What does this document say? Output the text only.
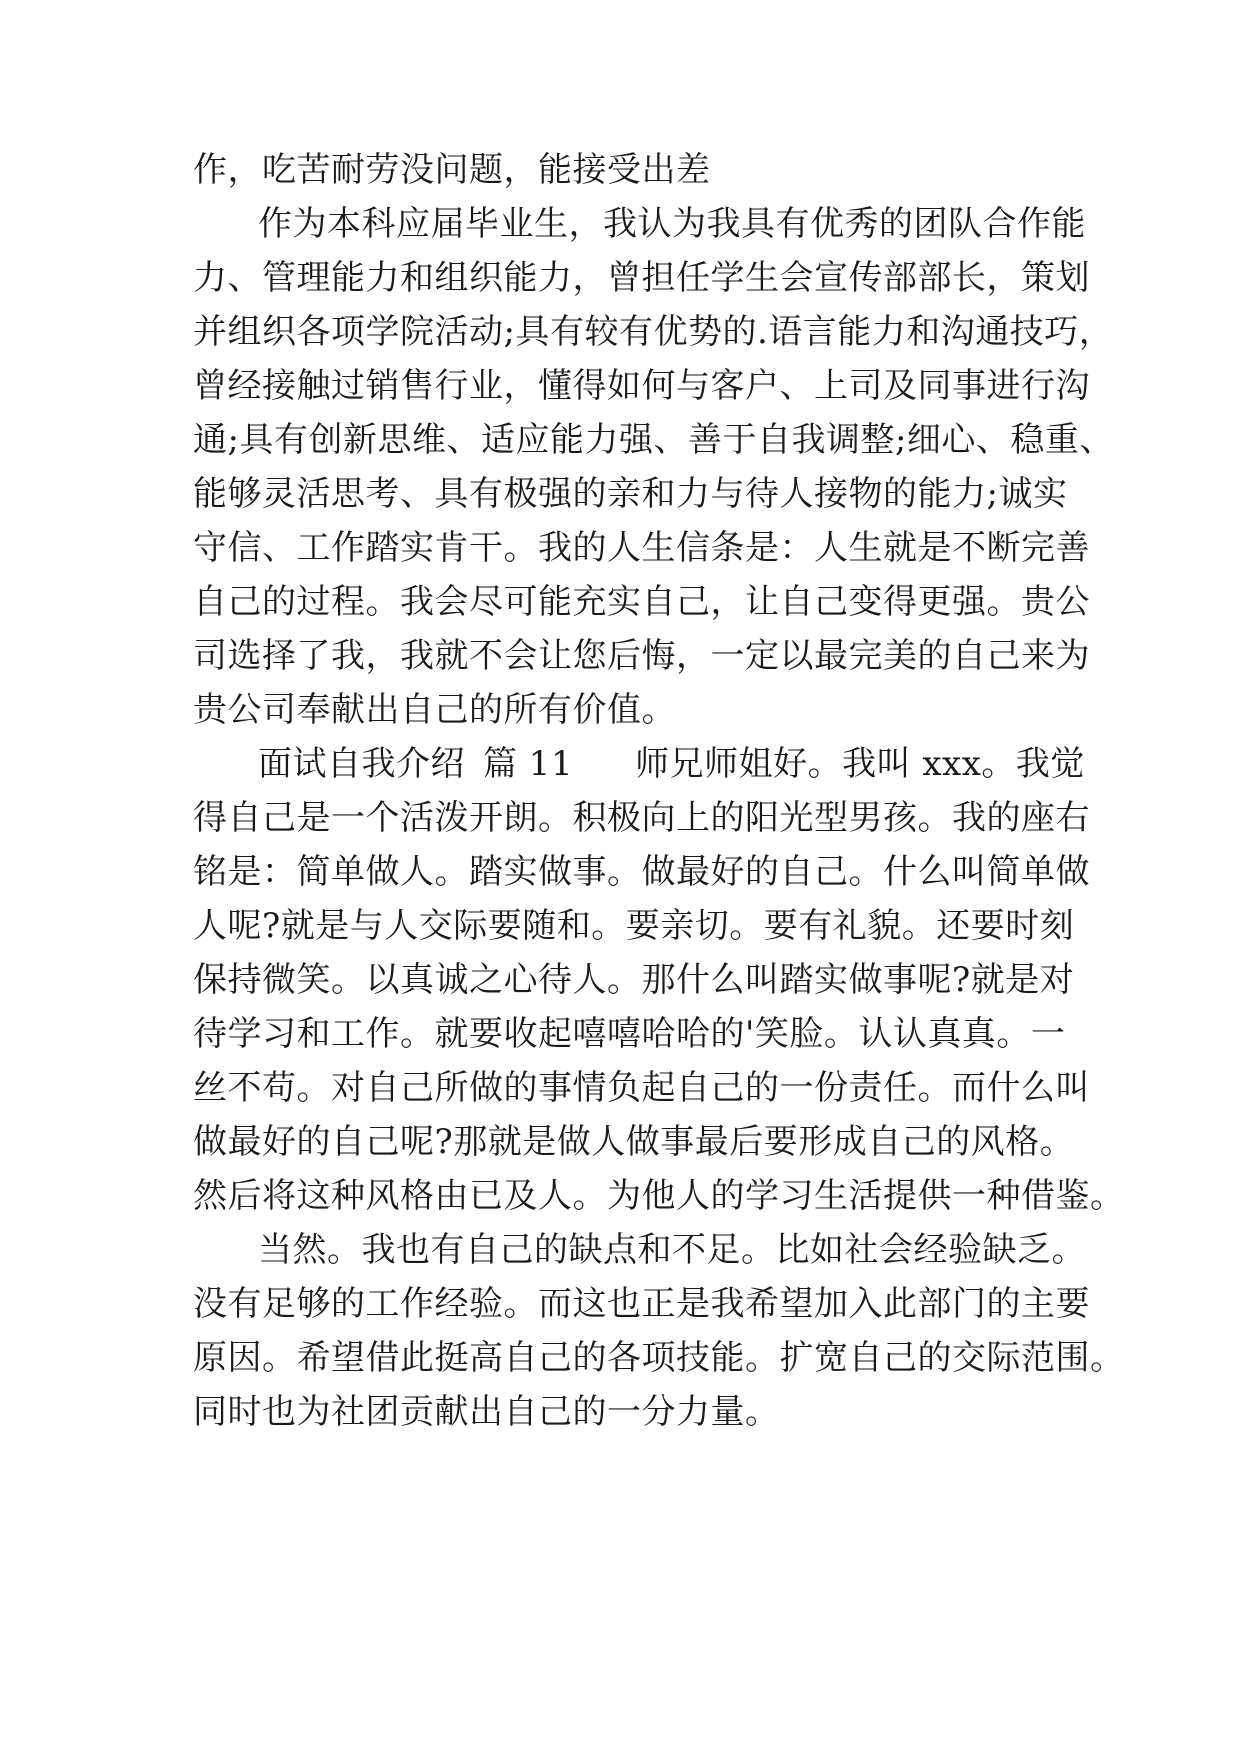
作，吃苦耐劳没问题，能接受出差

作为本科应届毕业生，我认为我具有优秀的团队合作能

力、管理能力和组织能力，曾担任学生会宣传部部长，策划

并组织各项学院活动;具有较有优势的.语言能力和沟通技巧，

曾经接触过销售行业，懂得如何与客户、上司及同事进行沟

通;具有创新思维、适应能力强、善于自我调整;细心、稳重、

能够灵活思考、具有极强的亲和力与待人接物的能力;诚实

守信、工作踏实肯干。我的人生信条是：人生就是不断完善

自己的过程。我会尽可能充实自己，让自己变得更强。贵公

司选择了我，我就不会让您后悔，一定以最完美的自己来为

贵公司奉献出自己的所有价值。

面试自我介绍 篇 11 师兄师姐好。我叫 xxx。我觉

得自己是一个活泼开朗。积极向上的阳光型男孩。我的座右

铭是：简单做人。踏实做事。做最好的自己。什么叫简单做

人呢?就是与人交际要随和。要亲切。要有礼貌。还要时刻

保持微笑。以真诚之心待人。那什么叫踏实做事呢?就是对

待学习和工作。就要收起嘻嘻哈哈的'笑脸。认认真真。一

丝不苟。对自己所做的事情负起自己的一份责任。而什么叫

做最好的自己呢?那就是做人做事最后要形成自己的风格。

然后将这种风格由已及人。为他人的学习生活提供一种借鉴。

当然。我也有自己的缺点和不足。比如社会经验缺乏。

没有足够的工作经验。而这也正是我希望加入此部门的主要

原因。希望借此挺高自己的各项技能。扩宽自己的交际范围。

同时也为社团贡献出自己的一分力量。
